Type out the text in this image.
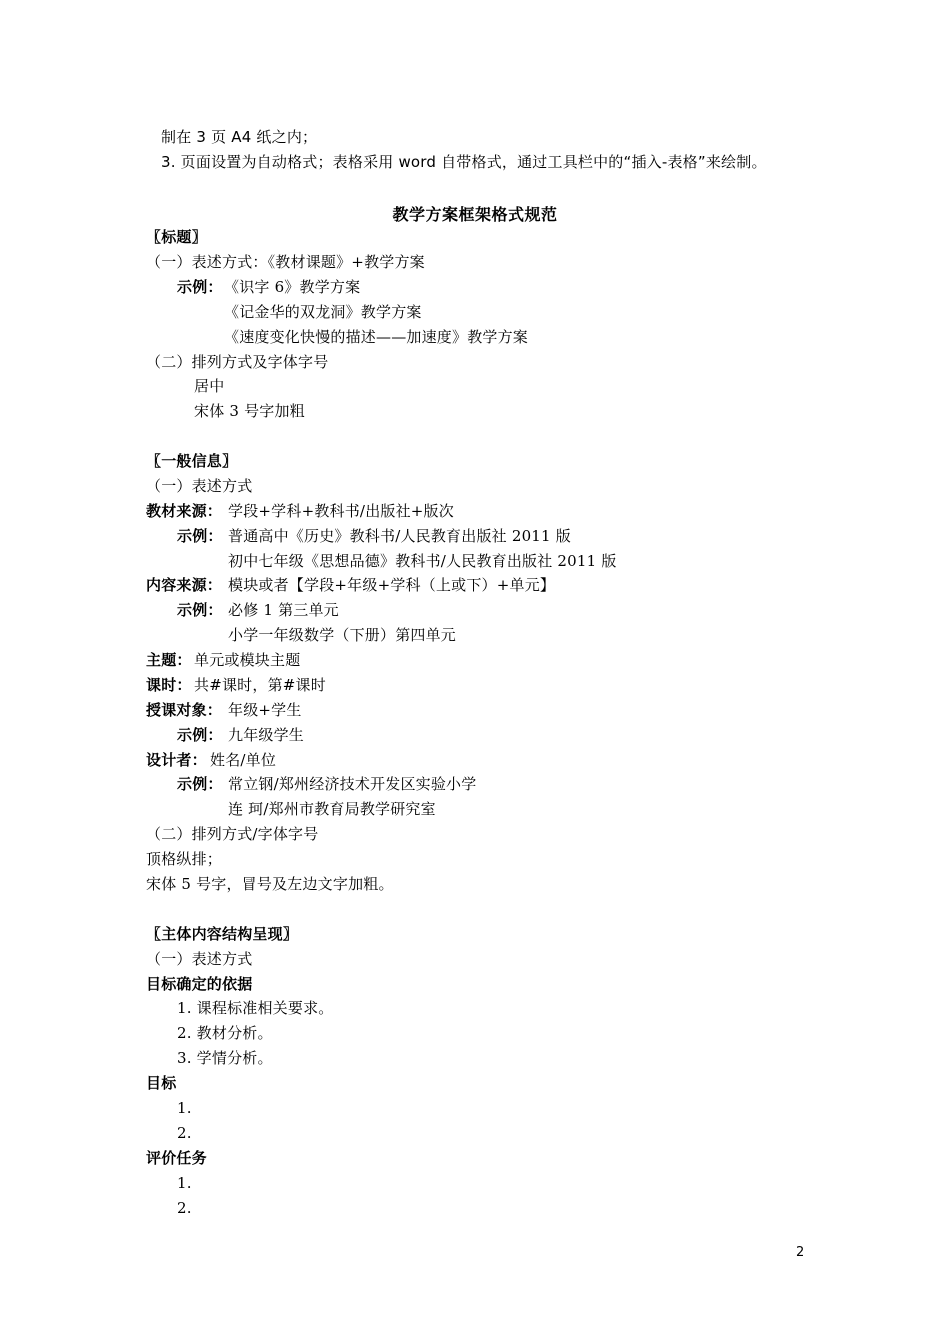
制在 3 页 A4 纸之内；
3. 页面设置为自动格式；表格采用 word 自带格式，通过工具栏中的“插入-表格”来绘制。
教学方案框架格式规范
〖标题〗
（一）表述方式：《教材课题》+教学方案
示例： 《识字 6》教学方案
《记金华的双龙洞》教学方案
《速度变化快慢的描述——加速度》教学方案
（二）排列方式及字体字号
居中
宋体 3 号字加粗
〖一般信息〗
（一）表述方式
教材来源： 学段+学科+教科书/出版社+版次
示例： 普通高中《历史》教科书/人民教育出版社 2011 版
初中七年级《思想品德》教科书/人民教育出版社 2011 版
内容来源： 模块或者【学段+年级+学科（上或下）+单元】
示例： 必修 1 第三单元
小学一年级数学（下册）第四单元
主题： 单元或模块主题
课时： 共#课时，第#课时
授课对象： 年级+学生
示例： 九年级学生
设计者： 姓名/单位
示例： 常立钢/郑州经济技术开发区实验小学
连 珂/郑州市教育局教学研究室
（二）排列方式/字体字号
顶格纵排；
宋体 5 号字，冒号及左边文字加粗。
〖主体内容结构呈现〗
（一）表述方式
目标确定的依据
1. 课程标准相关要求。
2. 教材分析。
3. 学情分析。
目标
1.
2.
评价任务
1.
2.
2
